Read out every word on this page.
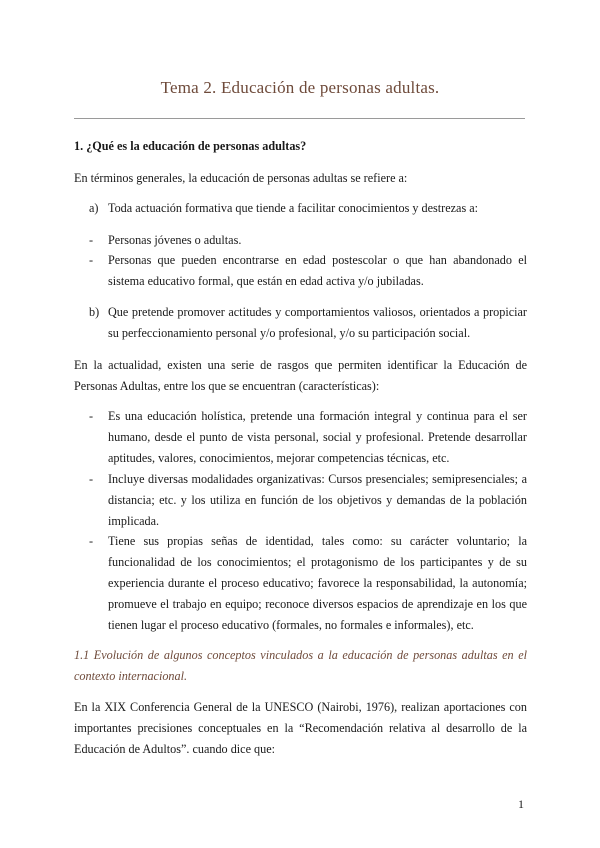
Tema 2. Educación de personas adultas.
1. ¿Qué es la educación de personas adultas?
En términos generales, la educación de personas adultas se refiere a:
a) Toda actuación formativa que tiende a facilitar conocimientos y destrezas a:
- Personas jóvenes o adultas.
- Personas que pueden encontrarse en edad postescolar o que han abandonado el sistema educativo formal, que están en edad activa y/o jubiladas.
b) Que pretende promover actitudes y comportamientos valiosos, orientados a propiciar su perfeccionamiento personal y/o profesional, y/o su participación social.
En la actualidad, existen una serie de rasgos que permiten identificar la Educación de Personas Adultas, entre los que se encuentran (características):
- Es una educación holística, pretende una formación integral y continua para el ser humano, desde el punto de vista personal, social y profesional. Pretende desarrollar aptitudes, valores, conocimientos, mejorar competencias técnicas, etc.
- Incluye diversas modalidades organizativas: Cursos presenciales; semipresenciales; a distancia; etc. y los utiliza en función de los objetivos y demandas de la población implicada.
- Tiene sus propias señas de identidad, tales como: su carácter voluntario; la funcionalidad de los conocimientos; el protagonismo de los participantes y de su experiencia durante el proceso educativo; favorece la responsabilidad, la autonomía; promueve el trabajo en equipo; reconoce diversos espacios de aprendizaje en los que tienen lugar el proceso educativo (formales, no formales e informales), etc.
1.1 Evolución de algunos conceptos vinculados a la educación de personas adultas en el contexto internacional.
En la XIX Conferencia General de la UNESCO (Nairobi, 1976), realizan aportaciones con importantes precisiones conceptuales en la “Recomendación relativa al desarrollo de la Educación de Adultos”. cuando dice que:
1
